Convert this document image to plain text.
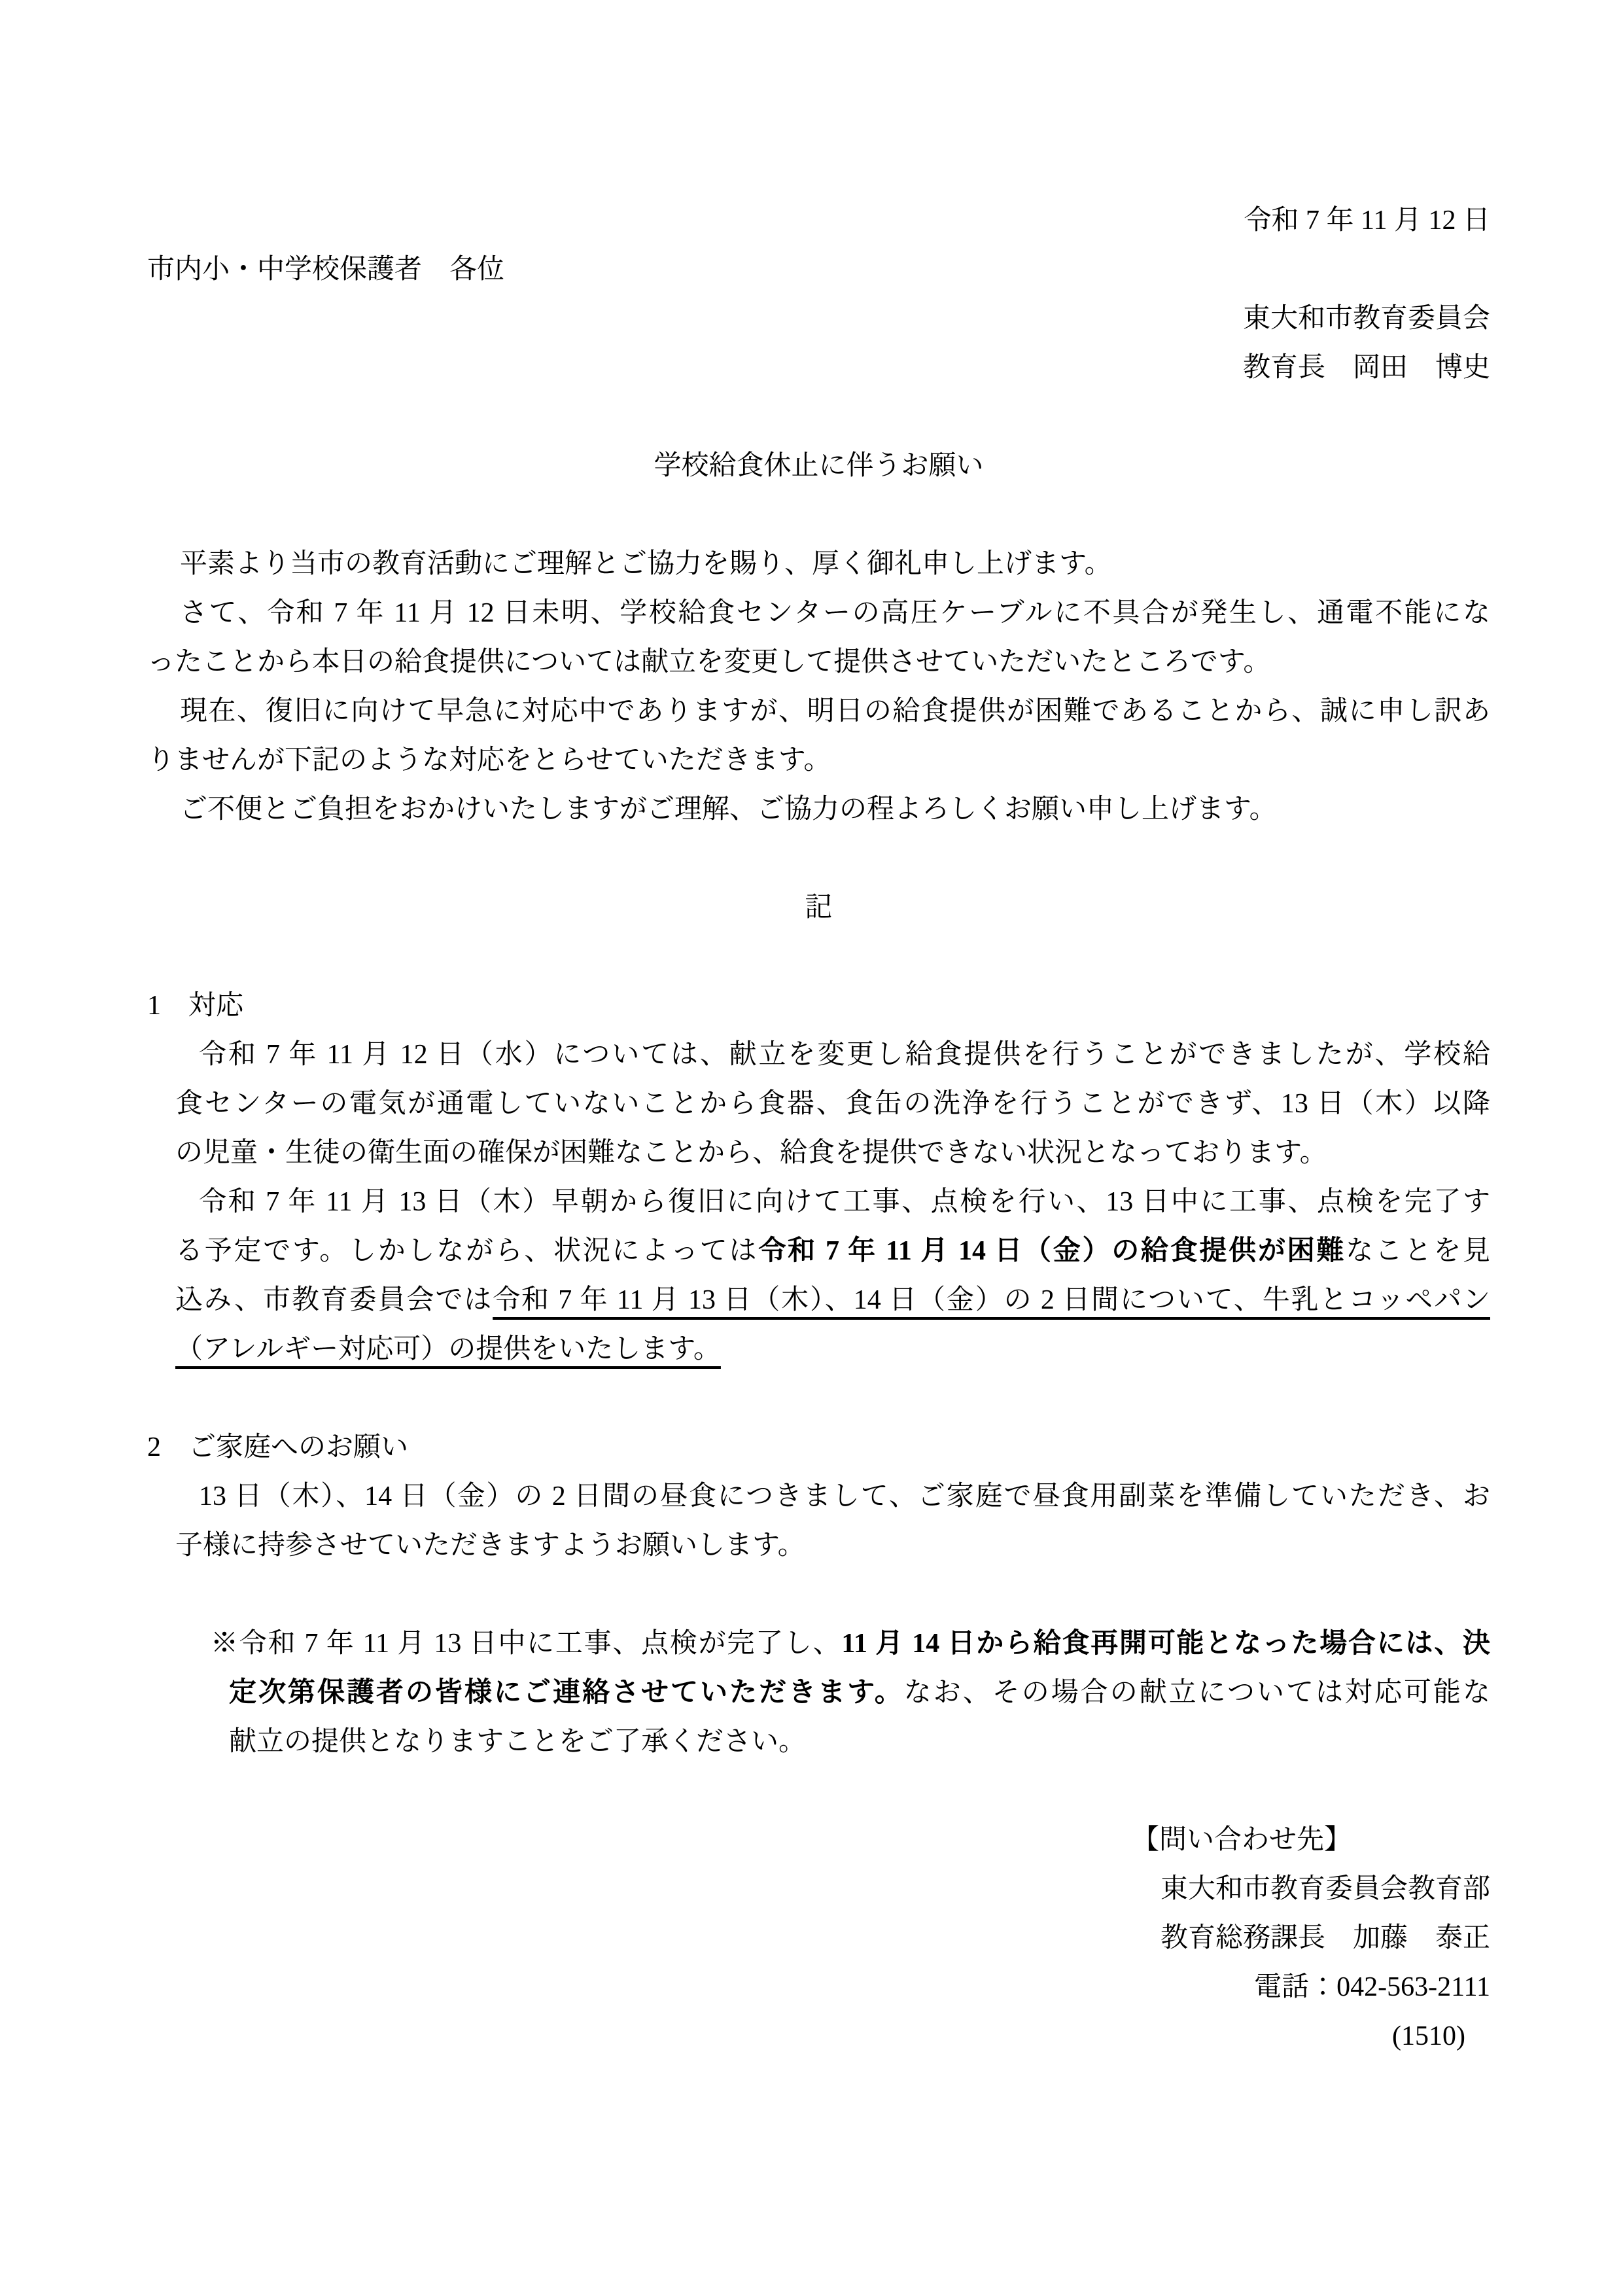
令和 7 年 11 月 12 日
市内小・中学校保護者　各位
東大和市教育委員会
教育長　岡田　博史
学校給食休止に伴うお願い
平素より当市の教育活動にご理解とご協力を賜り、厚く御礼申し上げます。
さて、令和 7 年 11 月 12 日未明、学校給食センターの高圧ケーブルに不具合が発生し、通電不能にな
ったことから本日の給食提供については献立を変更して提供させていただいたところです。
現在、復旧に向けて早急に対応中でありますが、明日の給食提供が困難であることから、誠に申し訳あ
りませんが下記のような対応をとらせていただきます。
ご不便とご負担をおかけいたしますがご理解、ご協力の程よろしくお願い申し上げます。
記
1　対応
令和 7 年 11 月 12 日（水）については、献立を変更し給食提供を行うことができましたが、学校給
食センターの電気が通電していないことから食器、食缶の洗浄を行うことができず、13 日（木）以降
の児童・生徒の衛生面の確保が困難なことから、給食を提供できない状況となっております。
令和 7 年 11 月 13 日（木）早朝から復旧に向けて工事、点検を行い、13 日中に工事、点検を完了す
る予定です。しかしながら、状況によっては令和 7 年 11 月 14 日（金）の給食提供が困難なことを見
込み、市教育委員会では令和 7 年 11 月 13 日（木）、14 日（金）の 2 日間について、牛乳とコッペパン
（アレルギー対応可）の提供をいたします。
2　ご家庭へのお願い
13 日（木）、14 日（金）の 2 日間の昼食につきまして、ご家庭で昼食用副菜を準備していただき、お
子様に持参させていただきますようお願いします。
※令和 7 年 11 月 13 日中に工事、点検が完了し、11 月 14 日から給食再開可能となった場合には、決
定次第保護者の皆様にご連絡させていただきます。なお、その場合の献立については対応可能な
献立の提供となりますことをご了承ください。
【問い合わせ先】
東大和市教育委員会教育部
教育総務課長　加藤　泰正
電話：042-563-2111
(1510)
